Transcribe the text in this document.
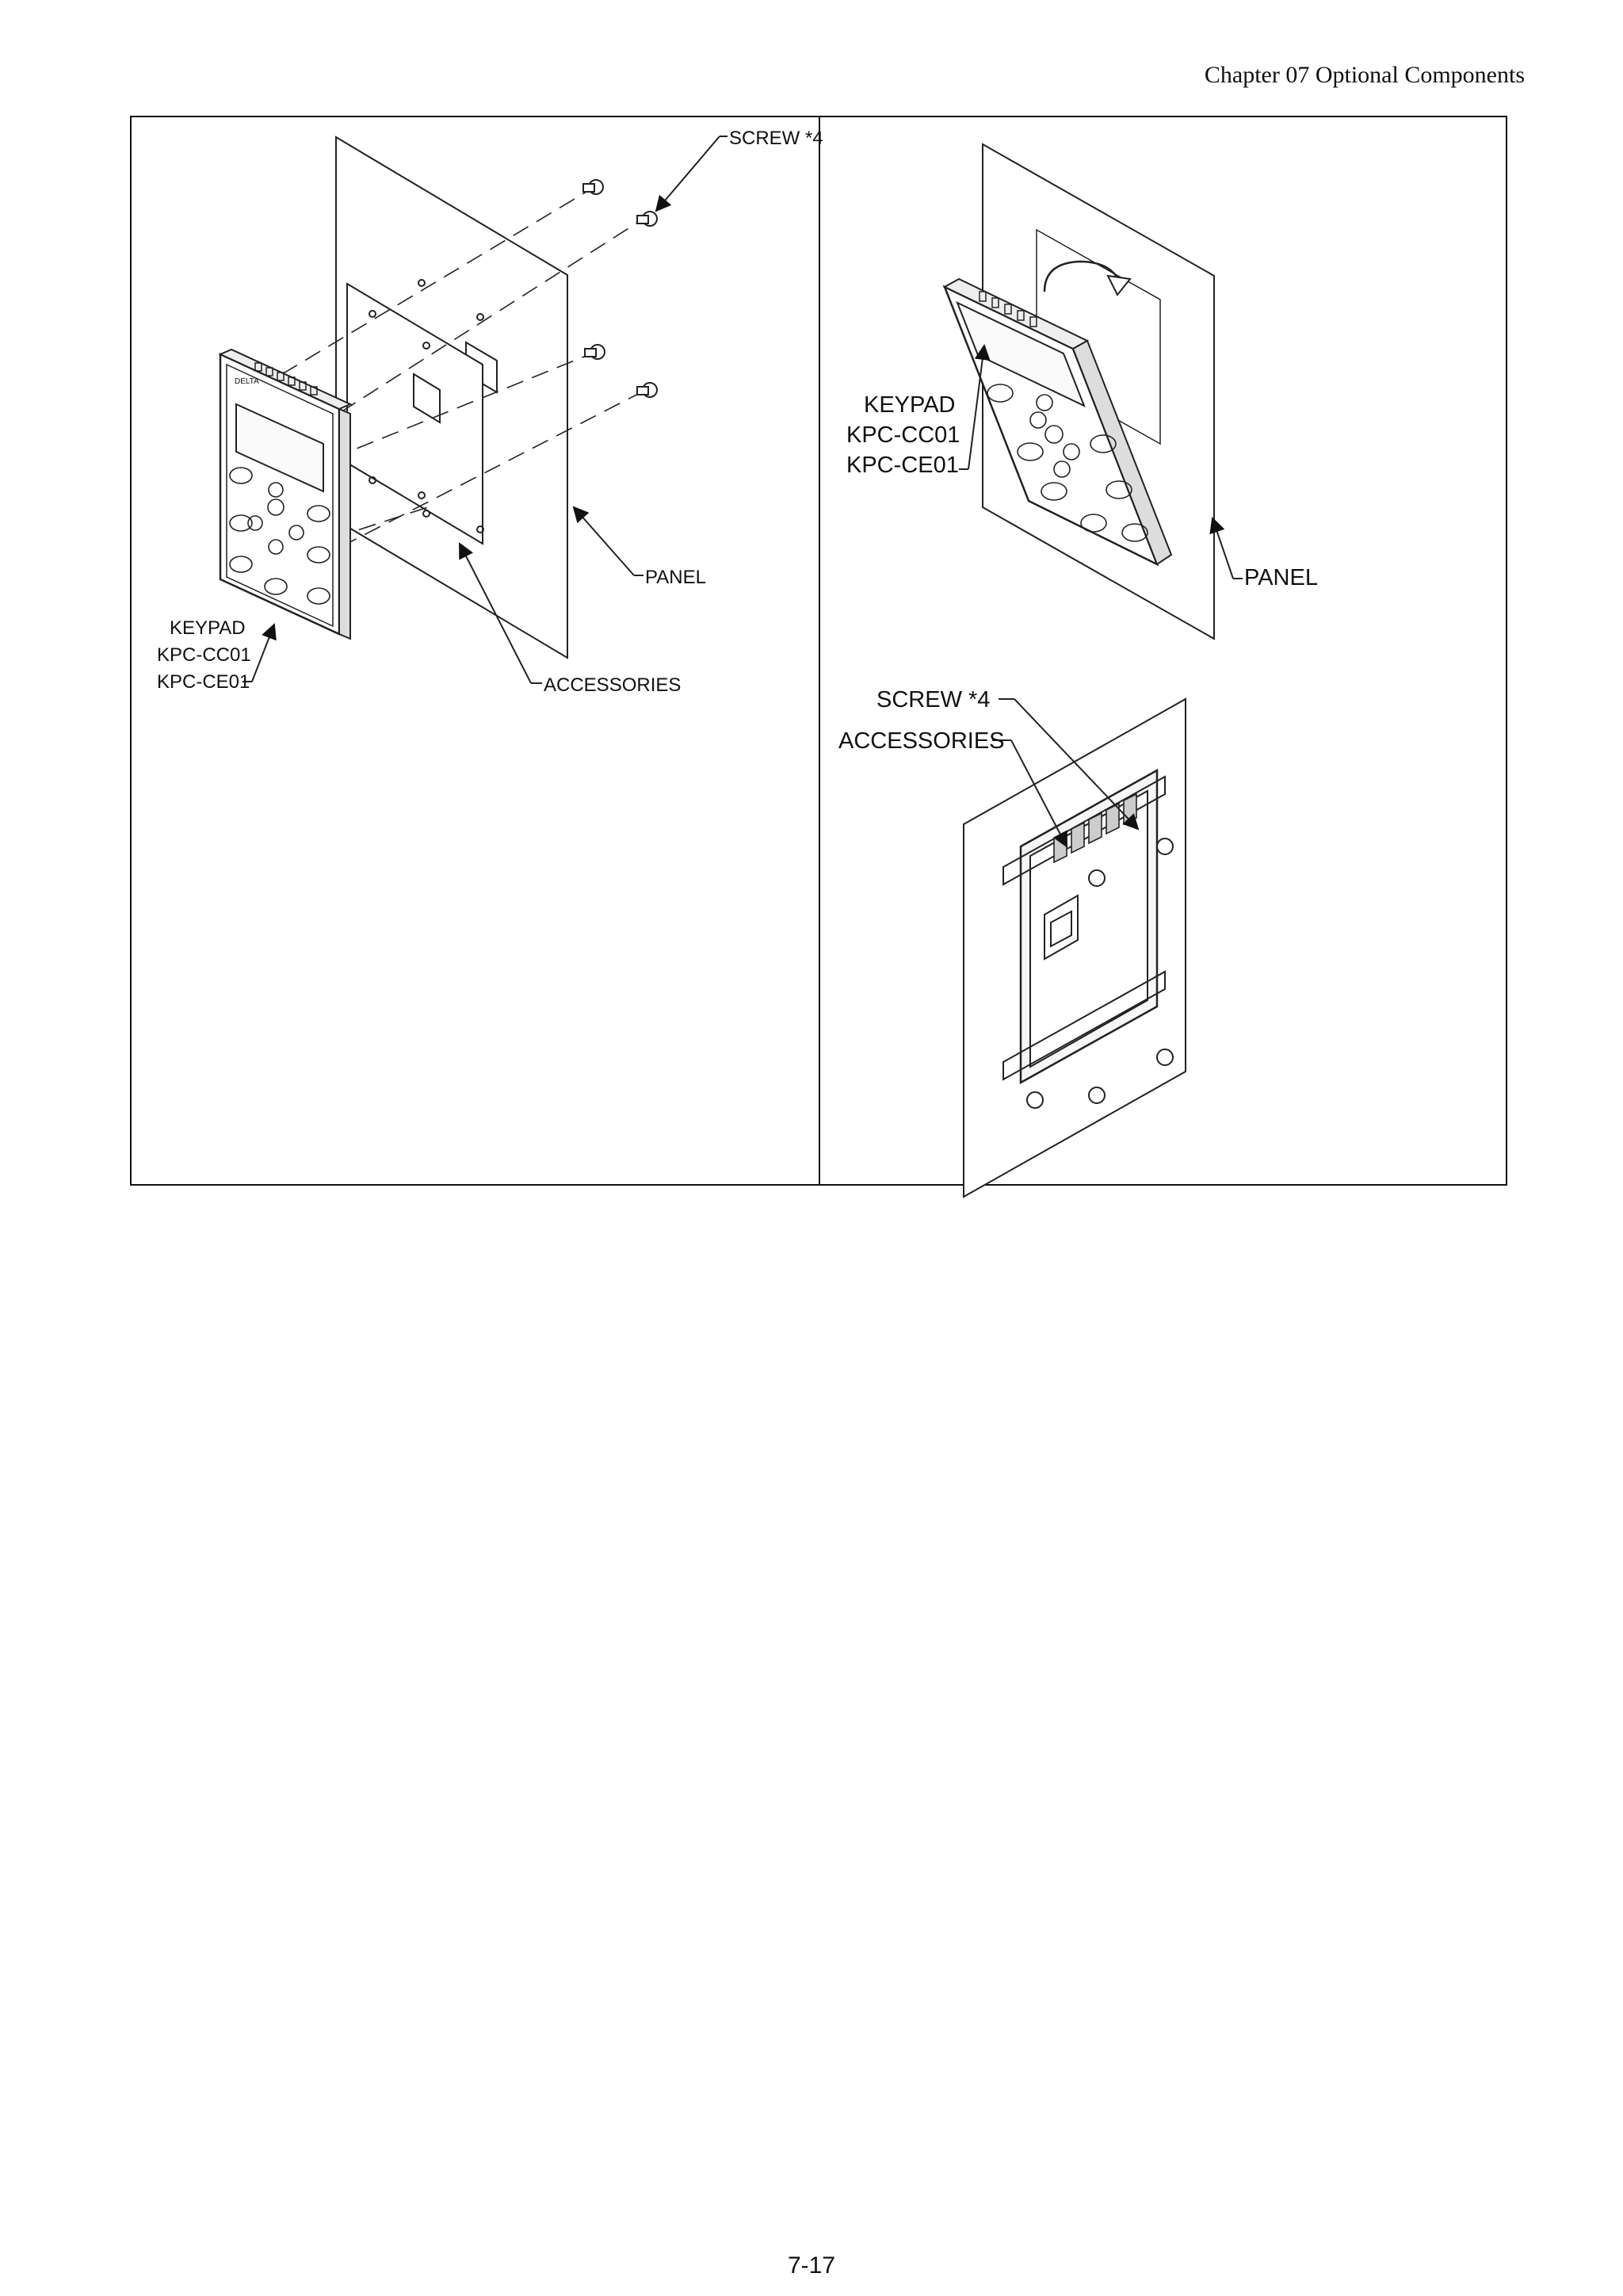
Chapter 07 Optional Components
DELTA
SCREW *4
PANEL
ACCESSORIES
KEYPAD
KPC-CC01
KPC-CE01
KEYPAD
KPC-CC01
KPC-CE01
PANEL
SCREW *4
ACCESSORIES
7-17
